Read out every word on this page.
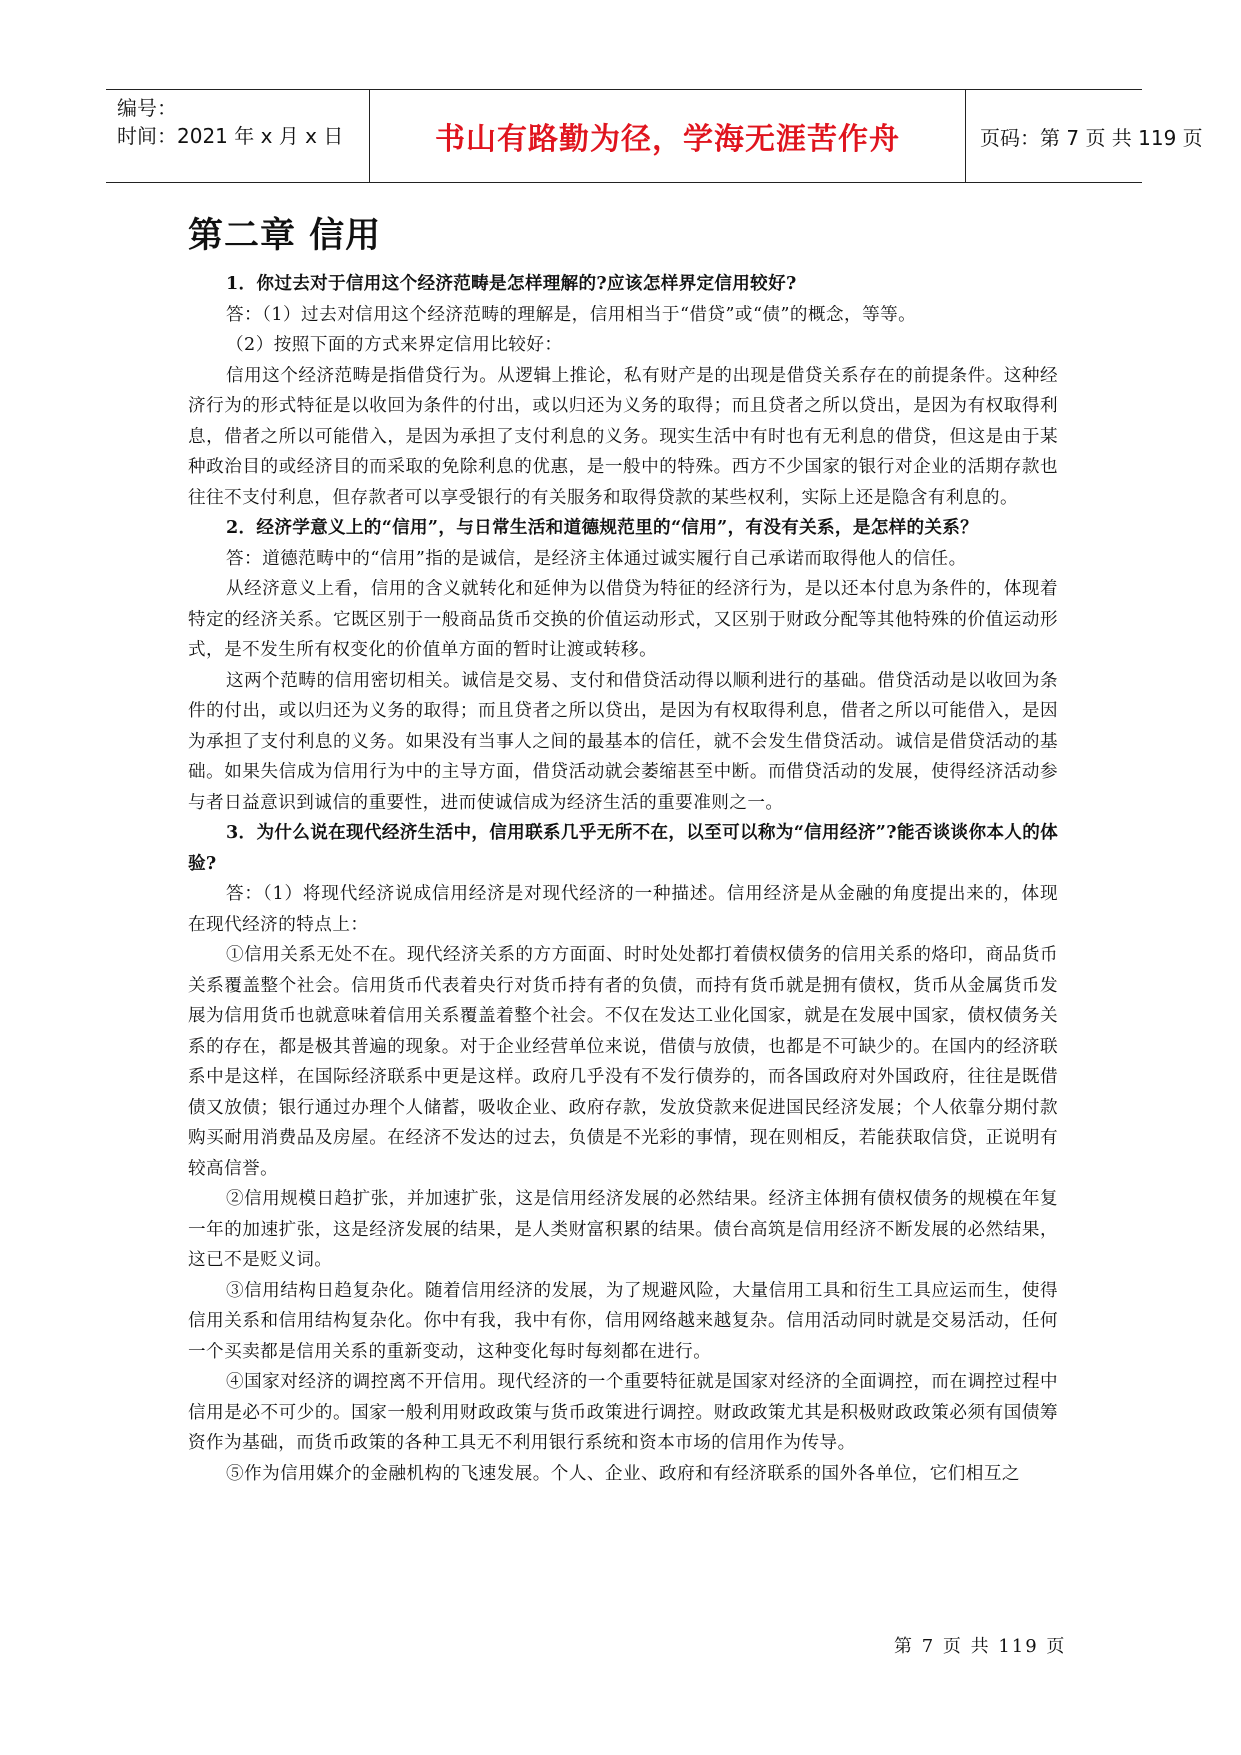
编号：
时间：2021 年 x 月 x 日	书山有路勤为径，学海无涯苦作舟	页码：第 7 页 共 119 页
第二章 信用

1．你过去对于信用这个经济范畴是怎样理解的?应该怎样界定信用较好?

答：（1）过去对信用这个经济范畴的理解是，信用相当于“借贷”或“债”的概念，等等。

（2）按照下面的方式来界定信用比较好：

信用这个经济范畴是指借贷行为。从逻辑上推论，私有财产是的出现是借贷关系存在的前提条件。这种经济行为的形式特征是以收回为条件的付出，或以归还为义务的取得；而且贷者之所以贷出，是因为有权取得利息，借者之所以可能借入，是因为承担了支付利息的义务。现实生活中有时也有无利息的借贷，但这是由于某种政治目的或经济目的而采取的免除利息的优惠，是一般中的特殊。西方不少国家的银行对企业的活期存款也往往不支付利息，但存款者可以享受银行的有关服务和取得贷款的某些权利，实际上还是隐含有利息的。

2．经济学意义上的“信用”，与日常生活和道德规范里的“信用”，有没有关系，是怎样的关系？

答：道德范畴中的“信用”指的是诚信，是经济主体通过诚实履行自己承诺而取得他人的信任。

从经济意义上看，信用的含义就转化和延伸为以借贷为特征的经济行为，是以还本付息为条件的，体现着特定的经济关系。它既区别于一般商品货币交换的价值运动形式，又区别于财政分配等其他特殊的价值运动形式，是不发生所有权变化的价值单方面的暂时让渡或转移。

这两个范畴的信用密切相关。诚信是交易、支付和借贷活动得以顺利进行的基础。借贷活动是以收回为条件的付出，或以归还为义务的取得；而且贷者之所以贷出，是因为有权取得利息，借者之所以可能借入，是因为承担了支付利息的义务。如果没有当事人之间的最基本的信任，就不会发生借贷活动。诚信是借贷活动的基础。如果失信成为信用行为中的主导方面，借贷活动就会萎缩甚至中断。而借贷活动的发展，使得经济活动参与者日益意识到诚信的重要性，进而使诚信成为经济生活的重要准则之一。

3．为什么说在现代经济生活中，信用联系几乎无所不在，以至可以称为“信用经济”?能否谈谈你本人的体验?

答：（1）将现代经济说成信用经济是对现代经济的一种描述。信用经济是从金融的角度提出来的，体现在现代经济的特点上：

①信用关系无处不在。现代经济关系的方方面面、时时处处都打着债权债务的信用关系的烙印，商品货币关系覆盖整个社会。信用货币代表着央行对货币持有者的负债，而持有货币就是拥有债权，货币从金属货币发展为信用货币也就意味着信用关系覆盖着整个社会。不仅在发达工业化国家，就是在发展中国家，债权债务关系的存在，都是极其普遍的现象。对于企业经营单位来说，借债与放债，也都是不可缺少的。在国内的经济联系中是这样，在国际经济联系中更是这样。政府几乎没有不发行债券的，而各国政府对外国政府，往往是既借债又放债；银行通过办理个人储蓄，吸收企业、政府存款，发放贷款来促进国民经济发展；个人依靠分期付款购买耐用消费品及房屋。在经济不发达的过去，负债是不光彩的事情，现在则相反，若能获取信贷，正说明有较高信誉。

②信用规模日趋扩张，并加速扩张，这是信用经济发展的必然结果。经济主体拥有债权债务的规模在年复一年的加速扩张，这是经济发展的结果，是人类财富积累的结果。债台高筑是信用经济不断发展的必然结果，这已不是贬义词。

③信用结构日趋复杂化。随着信用经济的发展，为了规避风险，大量信用工具和衍生工具应运而生，使得信用关系和信用结构复杂化。你中有我，我中有你，信用网络越来越复杂。信用活动同时就是交易活动，任何一个买卖都是信用关系的重新变动，这种变化每时每刻都在进行。

④国家对经济的调控离不开信用。现代经济的一个重要特征就是国家对经济的全面调控，而在调控过程中信用是必不可少的。国家一般利用财政政策与货币政策进行调控。财政政策尤其是积极财政政策必须有国债筹资作为基础，而货币政策的各种工具无不利用银行系统和资本市场的信用作为传导。

⑤作为信用媒介的金融机构的飞速发展。个人、企业、政府和有经济联系的国外各单位，它们相互之

第 7 页 共 119 页
